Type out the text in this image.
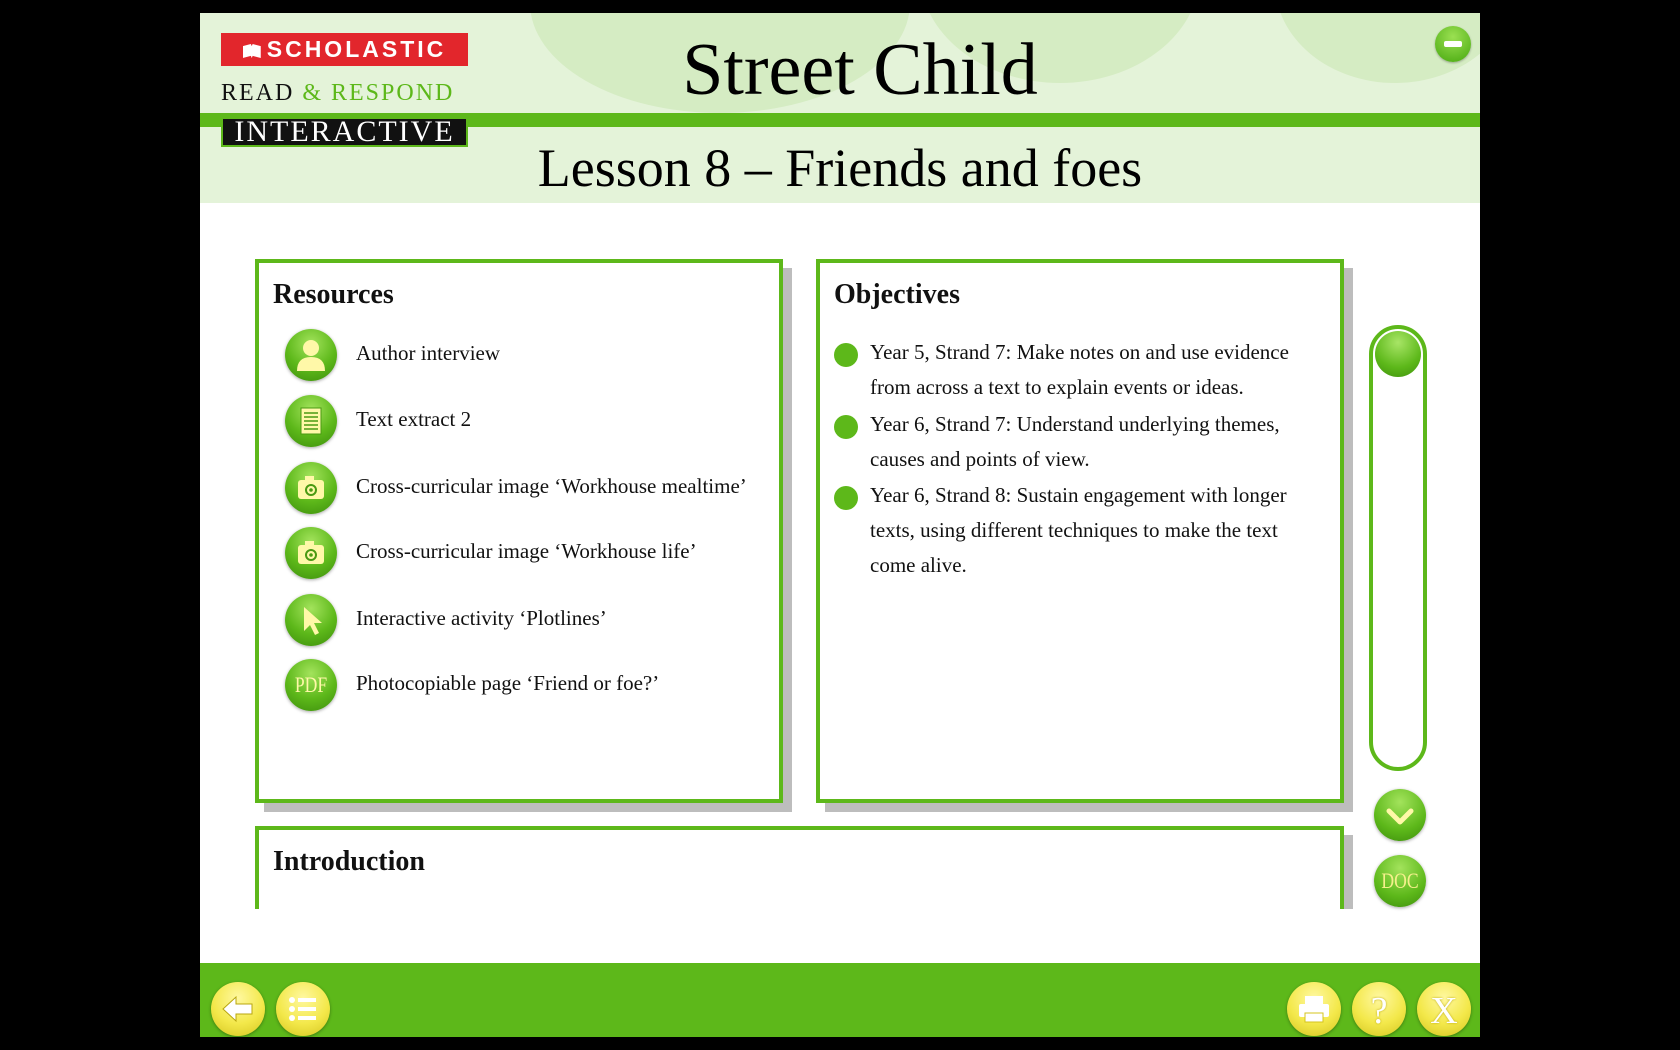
SCHOLASTIC
READ & RESPOND
INTERACTIVE
Street Child
Lesson 8 – Friends and foes
Resources
Author interview
Text extract 2
Cross-curricular image ‘Workhouse mealtime’
Cross-curricular image ‘Workhouse life’
Interactive activity ‘Plotlines’
PDF Photocopiable page ‘Friend or foe?’
Objectives
Year 5, Strand 7: Make notes on and use evidence from across a text to explain events or ideas.
Year 6, Strand 7: Understand underlying themes, causes and points of view.
Year 6, Strand 8: Sustain engagement with longer texts, using different techniques to make the text come alive.
Introduction
DOC
?	X
